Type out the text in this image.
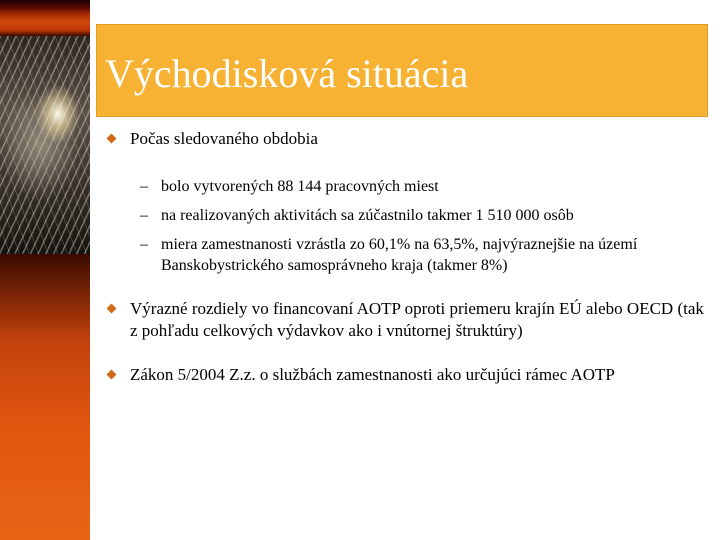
Východisková situácia
Počas sledovaného obdobia
– bolo vytvorených 88 144 pracovných miest
– na realizovaných aktivitách sa zúčastnilo takmer 1 510 000 osôb
– miera zamestnanosti vzrástla zo 60,1% na 63,5%, najvýraznejšie na území Banskobystrického samosprávneho kraja (takmer 8%)
Výrazné rozdiely vo financovaní AOTP oproti priemeru krajín EÚ alebo OECD (tak z pohľadu celkových výdavkov ako i vnútornej štruktúry)
Zákon 5/2004 Z.z. o službách zamestnanosti ako určujúci rámec AOTP
